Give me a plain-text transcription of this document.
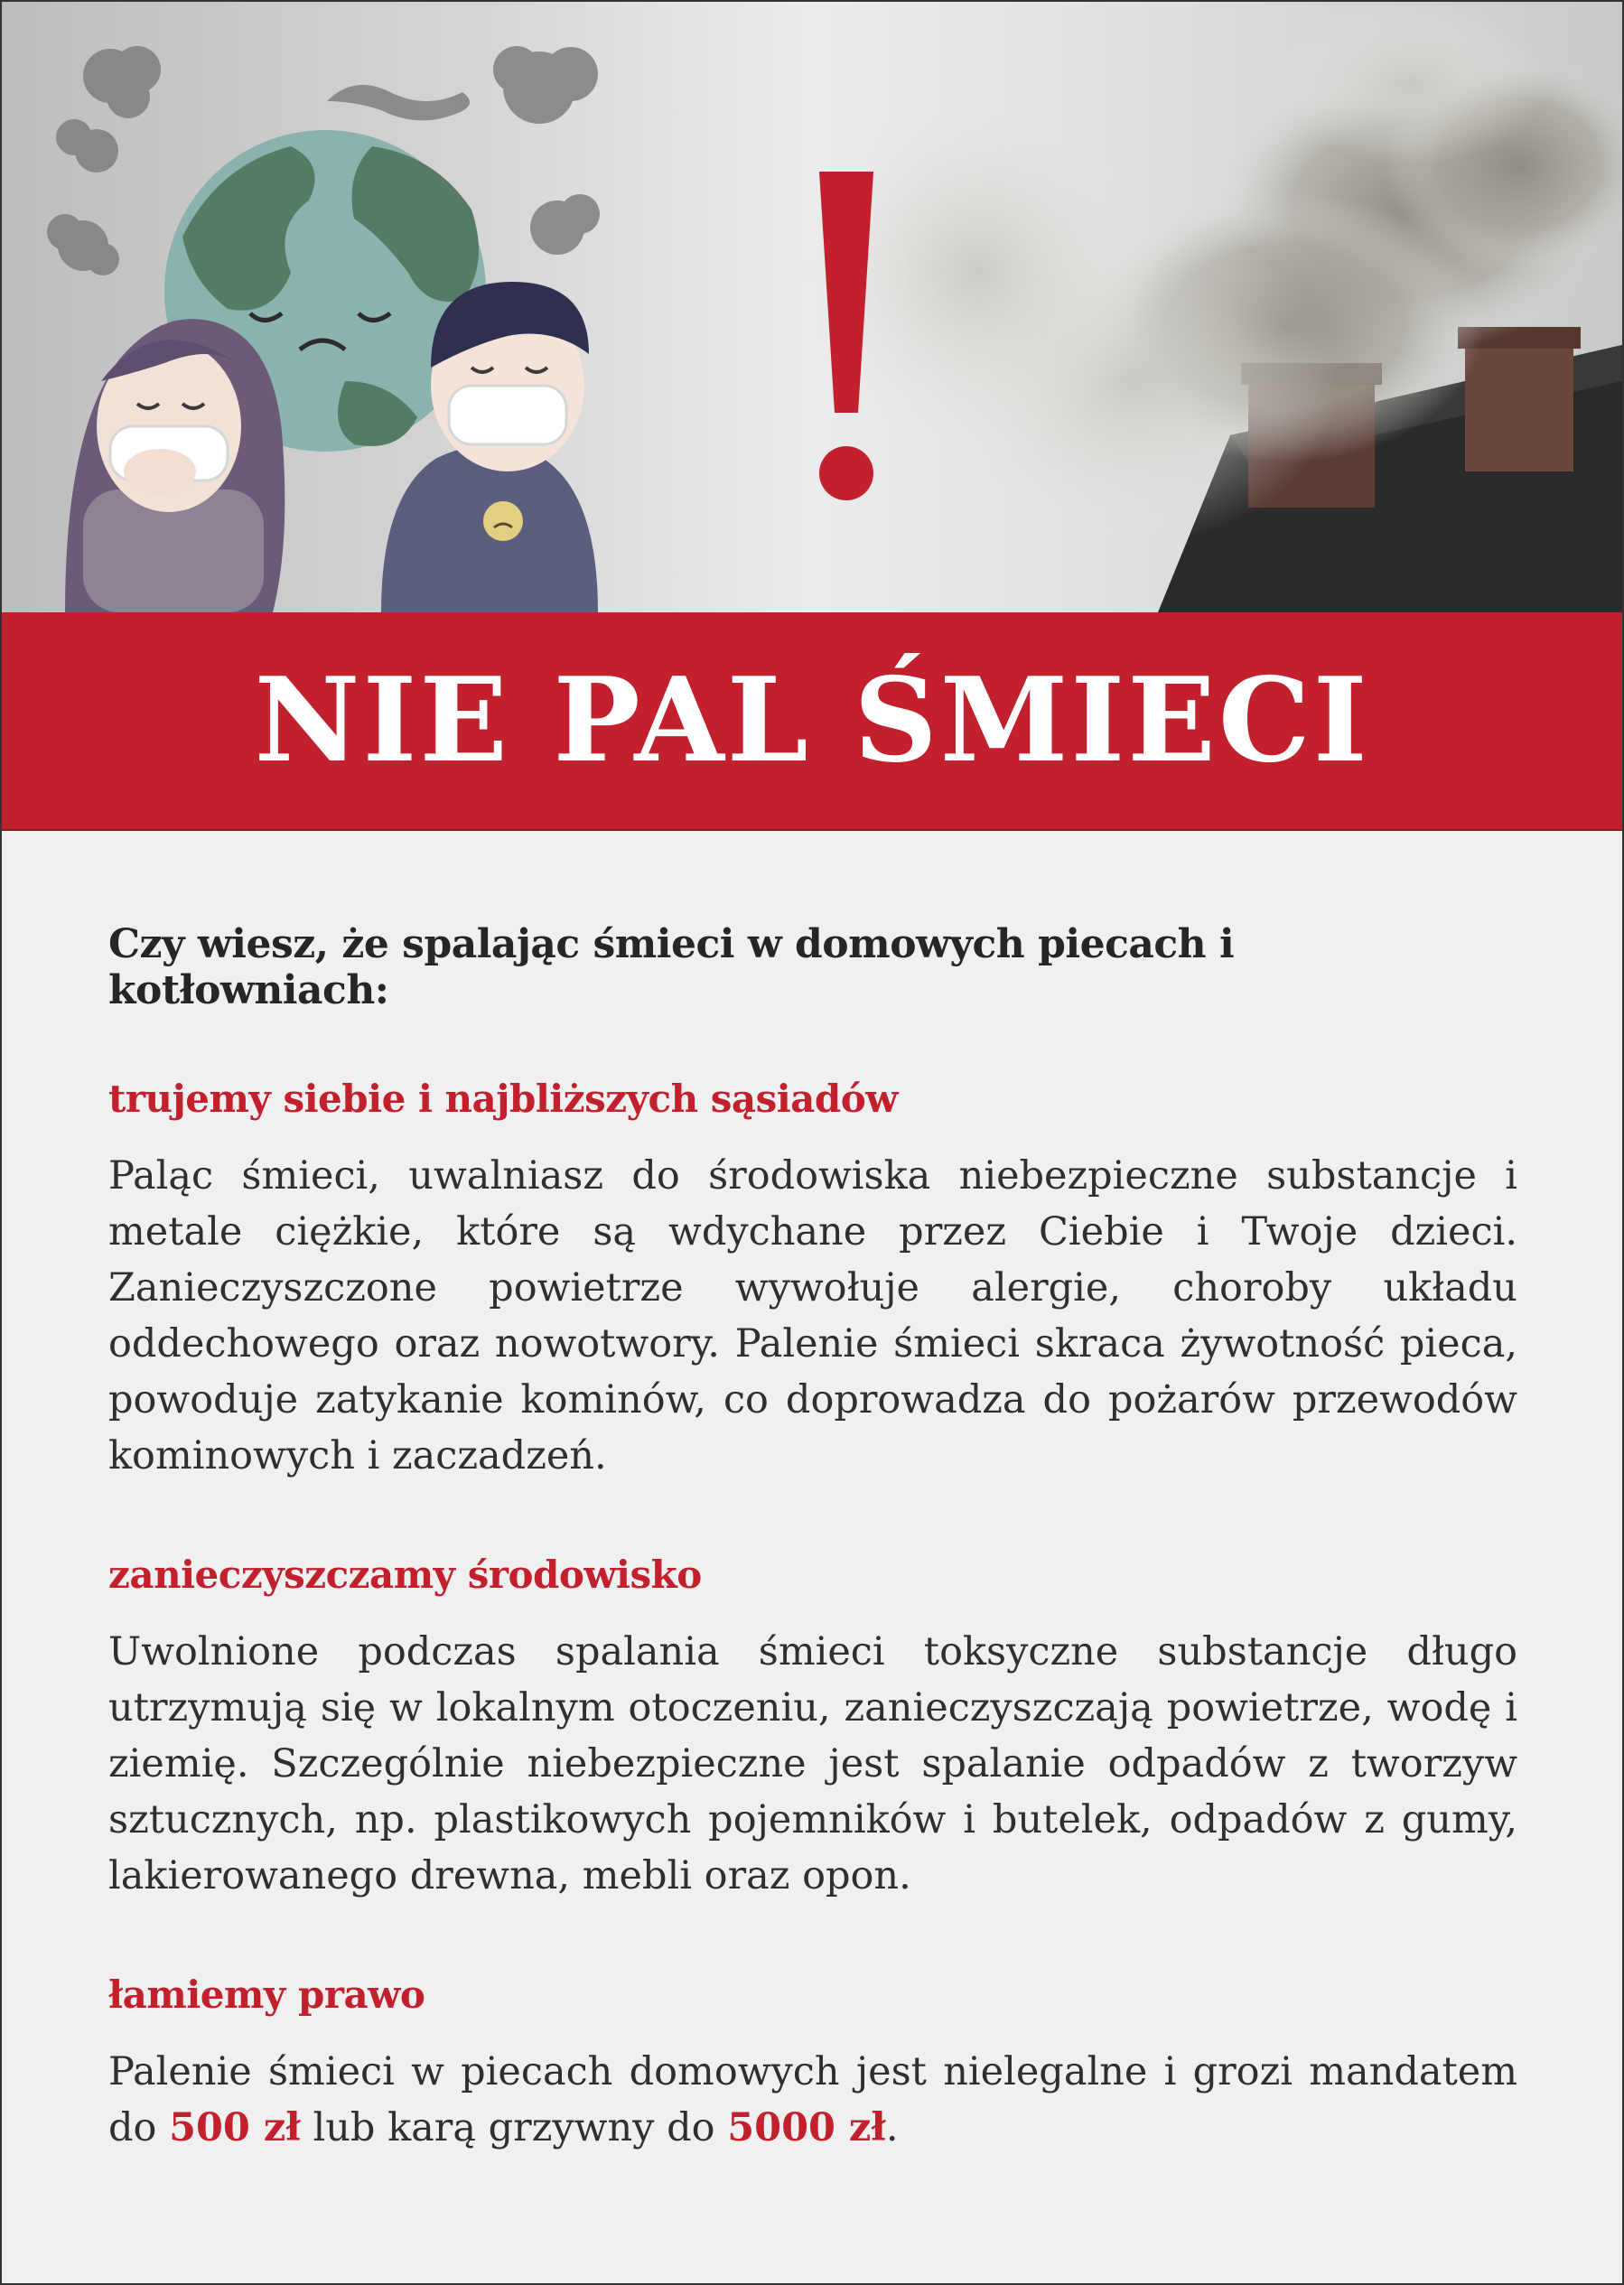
NIE PAL ŚMIECI

Czy wiesz, że spalając śmieci w domowych piecach i kotłowniach:

trujemy siebie i najbliższych sąsiadów

Paląc śmieci, uwalniasz do środowiska niebezpieczne substancje i metale ciężkie, które są wdychane przez Ciebie i Twoje dzieci. Zanieczyszczone powietrze wywołuje alergie, choroby układu oddechowego oraz nowotwory. Palenie śmieci skraca żywotność pieca, powoduje zatykanie kominów, co doprowadza do pożarów przewodów kominowych i zaczadzeń.

zanieczyszczamy środowisko

Uwolnione podczas spalania śmieci toksyczne substancje długo utrzymują się w lokalnym otoczeniu, zanieczyszczają powietrze, wodę i ziemię. Szczególnie niebezpieczne jest spalanie odpadów z tworzyw sztucznych, np. plastikowych pojemników i butelek, odpadów z gumy, lakierowanego drewna, mebli oraz opon.

łamiemy prawo

Palenie śmieci w piecach domowych jest nielegalne i grozi mandatem do 500 zł lub karą grzywny do 5000 zł.
